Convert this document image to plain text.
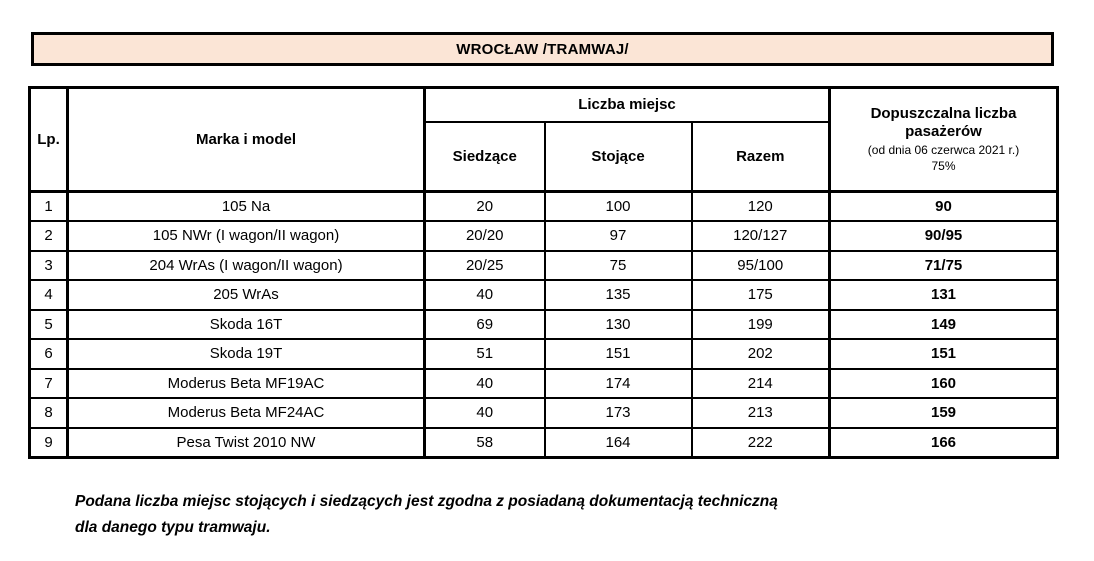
WROCŁAW /TRAMWAJ/
Lp.	Marka i model	Liczba miejsc			Dopuszczalna liczba pasażerów
(od dnia 06 czerwca 2021 r.)
75%

		Siedzące	Stojące	Razem	
1	105 Na	20	100	120	90
2	105 NWr (I wagon/II wagon)	20/20	97	120/127	90/95
3	204 WrAs (I wagon/II wagon)	20/25	75	95/100	71/75
4	205 WrAs	40	135	175	131
5	Skoda 16T	69	130	199	149
6	Skoda 19T	51	151	202	151
7	Moderus Beta MF19AC	40	174	214	160
8	Moderus Beta MF24AC	40	173	213	159
9	Pesa Twist 2010 NW	58	164	222	166
Podana liczba miejsc stojących i siedzących jest zgodna z posiadaną dokumentacją techniczną
dla danego typu tramwaju.
